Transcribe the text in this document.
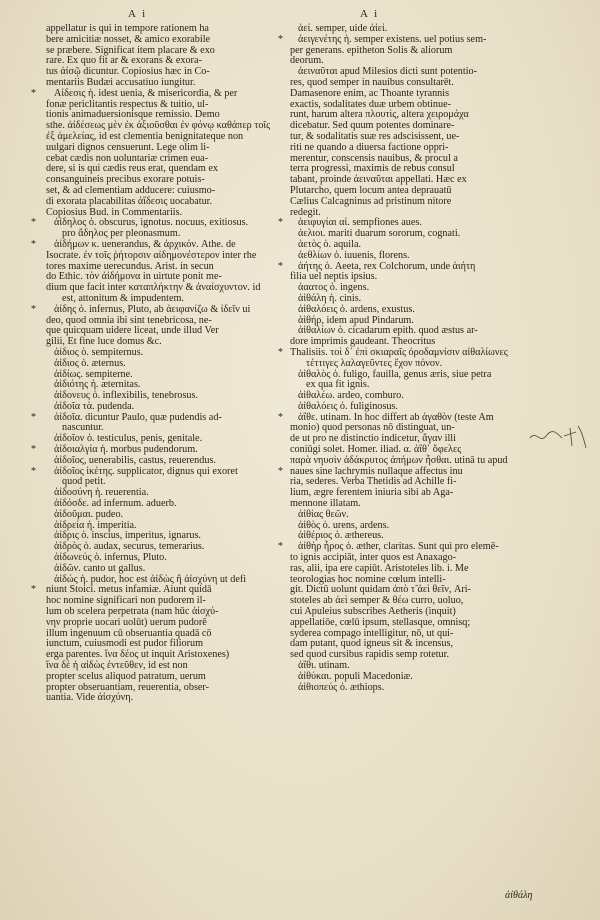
A i	A i
appellatur is qui in tempore rationem ha
bere amicitiæ nosset, & amico exorabile
se præbere. Significat item placare & exo
rare. Ex quo fit ar & exorans & exora-
tus ἀἰσῷ dicuntur. Copiosius hæc in Co-
mentariis Budæi accusatiuo iungitur.
* Αἰδεσις ἡ. idest uenia, & misericordia, & per
fonæ periclitantis respectus & tuitio, ul-
tionis animaduersionisque remissio. Demo
sthe. ἀἰδέσεως μὲν ἐκ ἀξιοῦσθαι ἐν φόνῳ καθάπερ τοῖς
ἐξ ἀμελείας, id est clementia benignitateque non
uulgari dignos censuerunt. Lege olim li-
cebat cædis non uoluntariæ crimen eua-
dere, si is qui cædis reus erat, quendam ex
consanguineis precibus exorare potuis-
set, & ad clementiam adducere: cuiusmo-
di exorata placabilitas ἀἴδεσις uocabatur.
Copiosius Bud. in Commentariis.
* ἀἰδηλος ὁ. obscurus, ignotus. nocuus, exitiosus.
pro ἄδηλος per pleonasmum.
* ἀἰδήμων κ. uenerandus, & ἀρχικόν. Athe. de
Isocrate. ἐν τοῖς ῥήτορσιν αἰδημονέστερον inter rhe
tores maxime uerecundus. Arist. in secun
do Ethic. τὸν ἀἰδήμονα in uirtute ponit me-
dium que facit inter καταπλήκτην & ἀναίσχυντον. id
est, attonitum & impudentem.
* ἀἰδης ὁ. infernus, Pluto, ab ἀειφανίζω & ἰδεῖν ui
deo, quod omnia ibi sint tenebricosa, ne-
que quicquam uidere liceat, unde illud Ver
gilii, Et fine luce domus &c.
ἀἰδιος ὁ. sempiternus.
ἀἰδιος ὁ. æternus.
ἀἰδίως. sempiterne.
ἀἰδιότης ἡ. æternitas.
ἀἰδονευς ὁ. inflexibilis, tenebrosus.
ἀἰδοῖα τὰ. pudenda.
* ἀἰδοῖα. dicuntur Paulo, quæ pudendis ad-
nascuntur.
ἀἰδοῖον ὁ. testiculus, penis, genitale.
* ἀἰδοιαλγία ἡ. morbus pudendorum.
ἀἰδοῖος, uenerabilis, castus, reuerendus.
* ἀἰδοῖος ἱκέτης. supplicator, dignus qui exoret
quod petit.
ἀἰδοσύνη ἡ. reuerentia.
ἀἰδόσδε. ad infernum. aduerb.
ἀἰδοῦμαι. pudeo.
ἀἰδρεία ἡ. imperitia.
ἀἰδρις ὁ. inscius, imperitus, ignarus.
ἀἰδρὸς ὁ. audax, securus, temerarius.
ἀἰδωνεύς ὁ. infernus, Pluto.
ἀἰδῶν. canto ut gallus.
ἀἰδώς ἡ. pudor, hoc est ἀἰδὼς ἢ ἀἰσχύνη ut defi
* niunt Stoici. metus infamiæ. Aiunt quidā
hoc nomine significari non pudorem il-
lum ob scelera perpetrata (nam hūc ἀἰσχύ-
νην proprie uocari uolūt) uerum pudorē
illum ingenuum cū obseruantia quadā cō
iunctum, cuiusmodi est pudor filiorum
erga parentes. ἵνα δέος ut inquit Aristoxenes)
ἵνα δὲ ἡ αἰδὼς ἐντεῦθεν, id est non
propter scelus aliquod patratum, uerum
propter obseruantiam, reuerentia, obser-
uantia. Vide ἀἰσχύνη.
ἀεί. semper, uide ἀἰεί.
* ἀειγενέτης ἡ. semper existens. uel potius sem-
per generans. epitheton Solis & aliorum
deorum.
ἀειναῦται apud Milesios dicti sunt potentio-
res, quod semper in nauibus consultarēt.
Damasenore enim, ac Thoante tyrannis
exactis, sodalitates duæ urbem obtinue-
runt, harum altera πλουτὶς, altera χειρομάχα
dicebatur. Sed quum potentes dominare-
tur, & sodalitatis suæ res adscisissent, ue-
riti ne quando a diuersa factione oppri-
merentur, conscensis nauibus, & procul a
terra progressi, maximis de rebus consul
tabant, proinde ἀειναῦται appellati. Hæc ex
Plutarcho, quem locum antea deprauatū
Cælius Calcagninus ad pristinum nitore
redegit.
* ἀειφυγίαι αἱ. sempfiones aues.
ἀελιοι. mariti duarum sororum, cognati.
ἀετὸς ὁ. aquila.
ἀεθλίων ὁ. iuuenis, florens.
* ἀήτης ὁ. Aeeta, rex Colchorum, unde ἀιήτη
filia uel neptis ipsius.
ἀαατος ὁ. ingens.
ἀἰθάλη ἡ. cinis.
ἀἰθαλόεις ὁ. ardens, exustus.
ἀἰθήρ, idem apud Pindarum.
ἀἰθαλίων ὁ. cicadarum epith. quod æstus ar-
dore imprimis gaudeant. Theocritus
* Thalisiis. τοὶ δ᾽ ἐπὶ σκιαραῖς ὀροδαμνίσιν αἰθαλίωνες
τέττιγες λαλαγεῦντες ἔχον πόνον.
ἀἰθαλὸς ὁ. fuligo, fauilla, genus æris, siue petra
ex qua fit ignis.
ἀἰθαλέω. ardeo, comburo.
ἀἰθαλόεις ὁ. fuliginosus.
* ἀἴθε. utinam. In hoc differt ab ἀγαθὸν (teste Am
monio) quod personas nō distinguat, un-
de ut pro ne distinctio indicetur, ἄγαν illi
coniūgi solet. Homer. iliad. α. ἀἴθ᾽ ὄφελες
παρὰ νηυσὶν ἀδάκρυτος ἀπήμων ἧσθαι. utinā tu apud
* naues sine lachrymis nullaque affectus inu
ria, sederes. Verba Thetidis ad Achille fi-
lium, ægre ferentem iniuria sibi ab Aga-
mennone illatam.
ἀἰθίας θεῶν.
ἀἰθὸς ὁ. urens, ardens.
ἀἰθέριος ὁ. æthereus.
* ἀἰθὴρ ἦρος ὁ. æther, claritas. Sunt qui pro elemē-
to ignis accipiāt, inter quos est Anaxago-
ras, alii, ipa ere capiūt. Aristoteles lib. i. Me
teorologias hoc nomine cœlum intelli-
git. Dictū uolunt quidam ἀπὸ τ̃ ἀεὶ θεῖν, Ari-
stoteles ab ἀεὶ semper & θέω curro, uoluo,
cui Apuleius subscribes Aetheris (inquit)
appellatiōe, cœlū ipsum, stellasque, omnisq;
syderea compago intelligitur, nō, ut qui-
dam putant, quod igneus sit & incensus,
sed quod cursibus rapidis semp rotetur.
ἀἴθι. utinam.
ἀἰθύκαι. populi Macedoniæ.
ἀἰθιοπεύς ὁ. æthiops.
ἀἰθάλη
